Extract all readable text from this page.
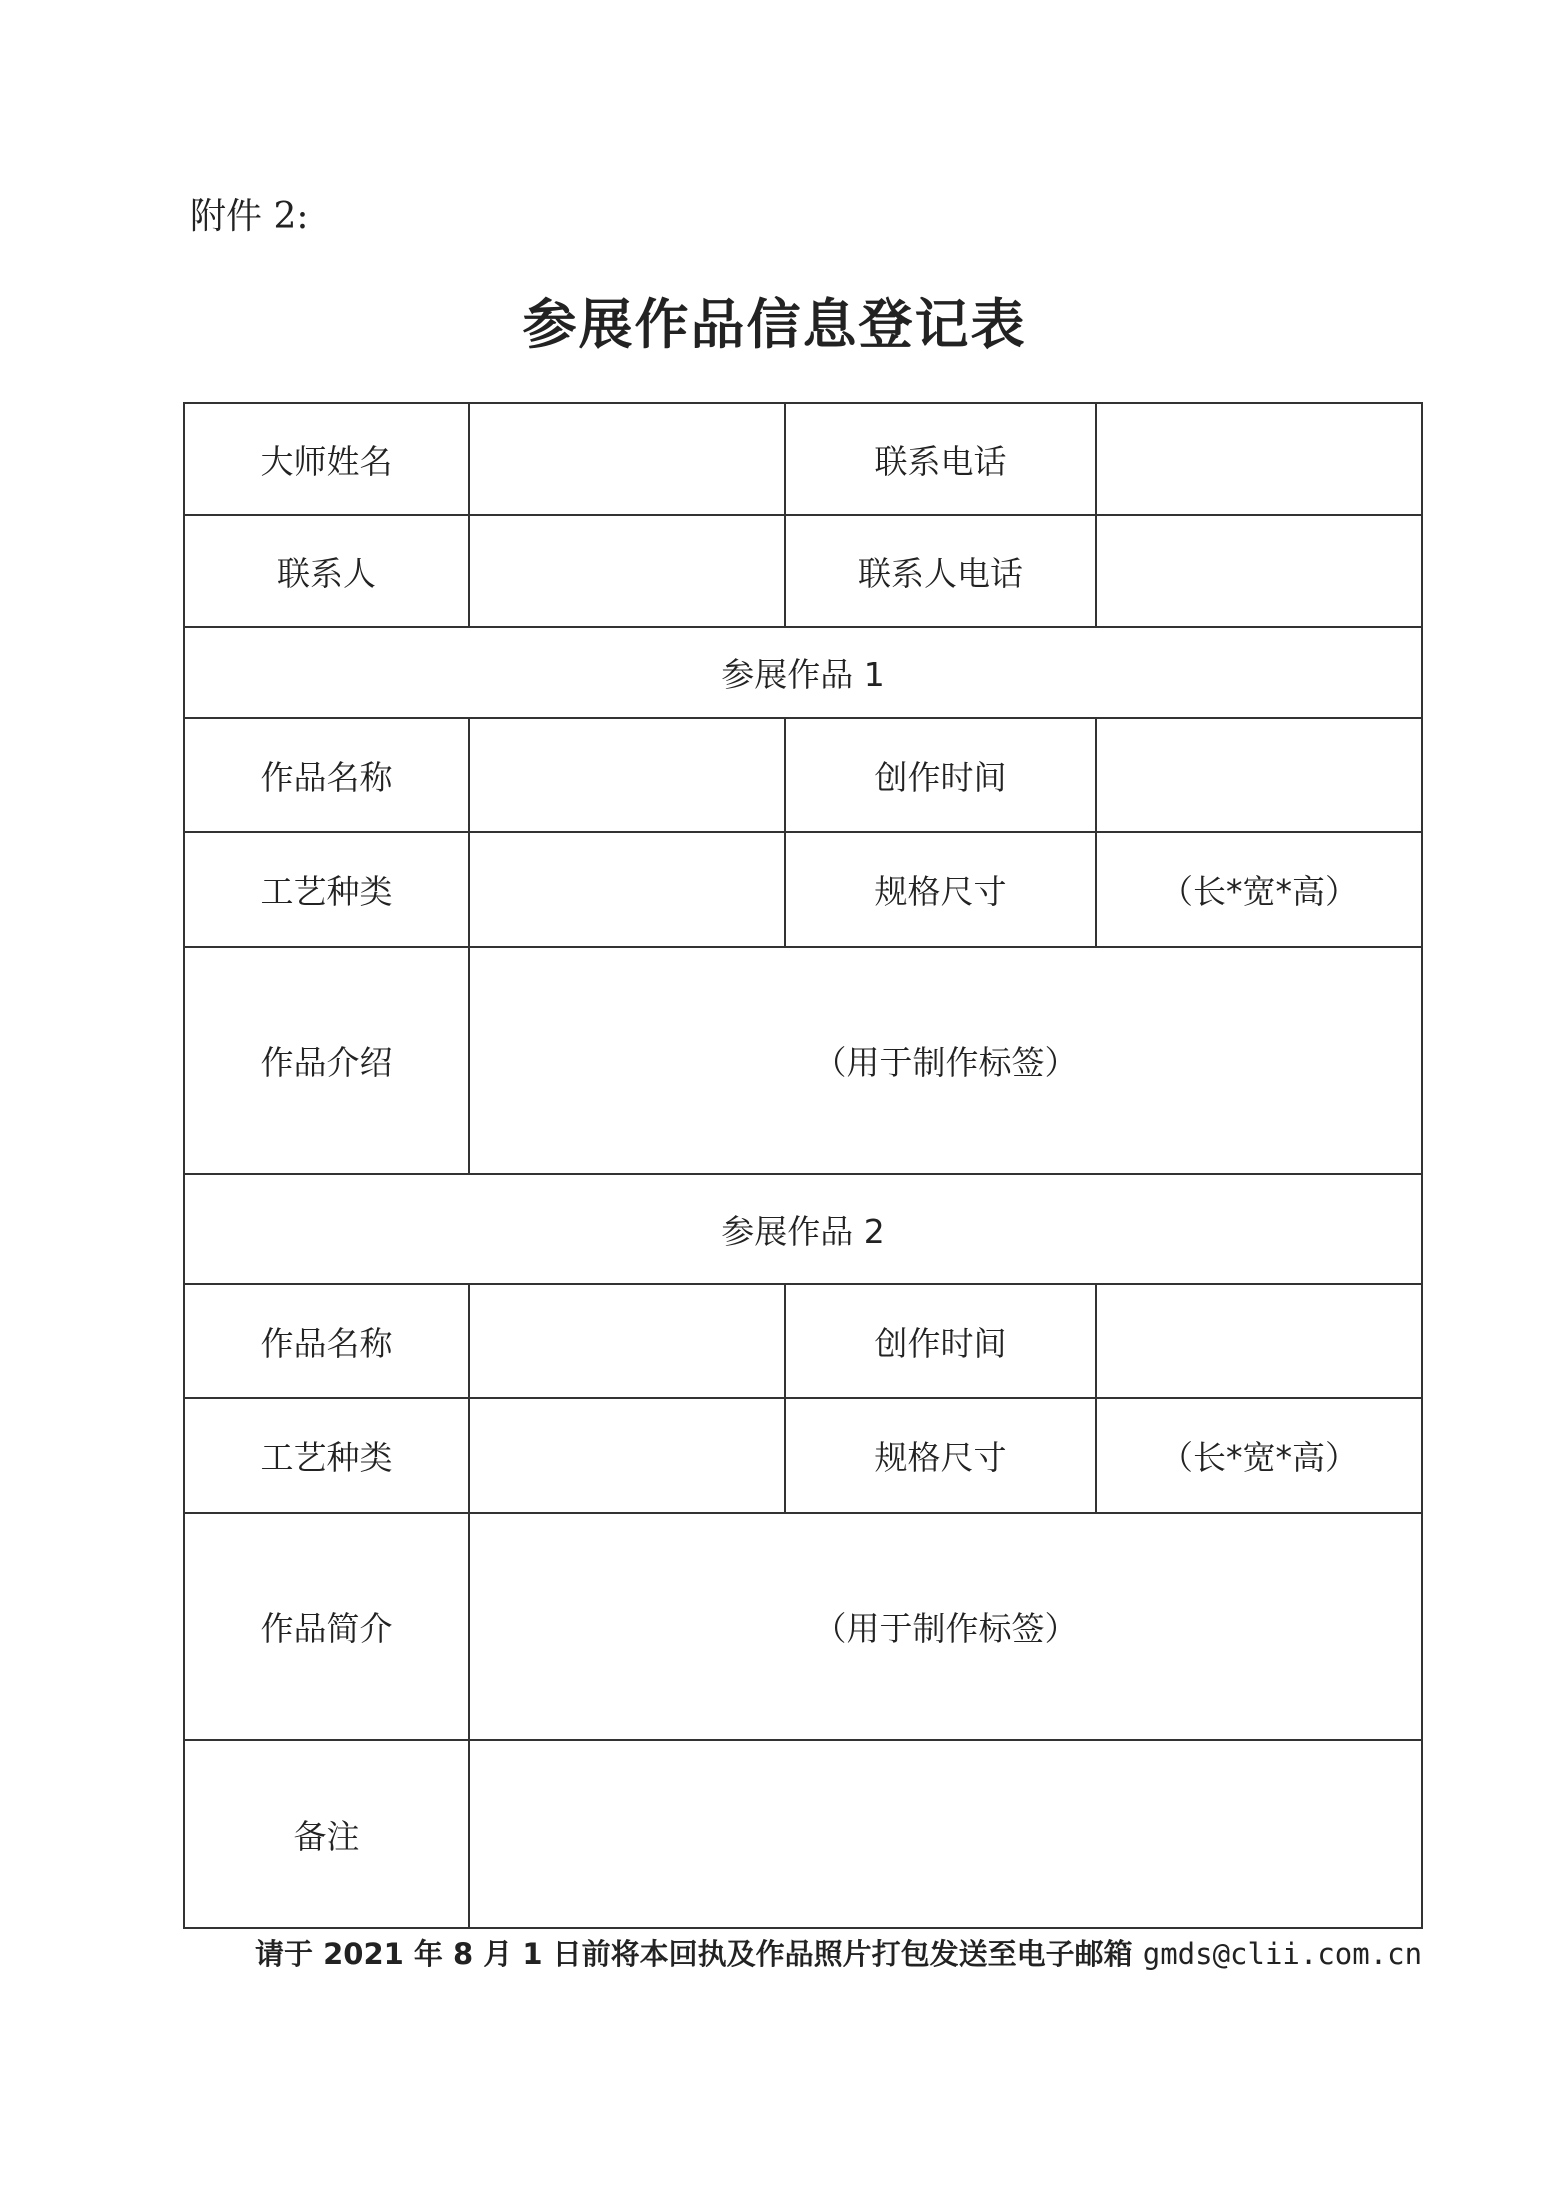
附件 2:
参展作品信息登记表
大师姓名		联系电话	
联系人		联系人电话	
参展作品 1			
作品名称		创作时间	
工艺种类		规格尺寸	（长*宽*高）
作品介绍	（用于制作标签）		
参展作品 2			
作品名称		创作时间	
工艺种类		规格尺寸	（长*宽*高）
作品简介	（用于制作标签）		
备注			
请于 2021 年 8 月 1 日前将本回执及作品照片打包发送至电子邮箱 gmds@clii.com.cn
